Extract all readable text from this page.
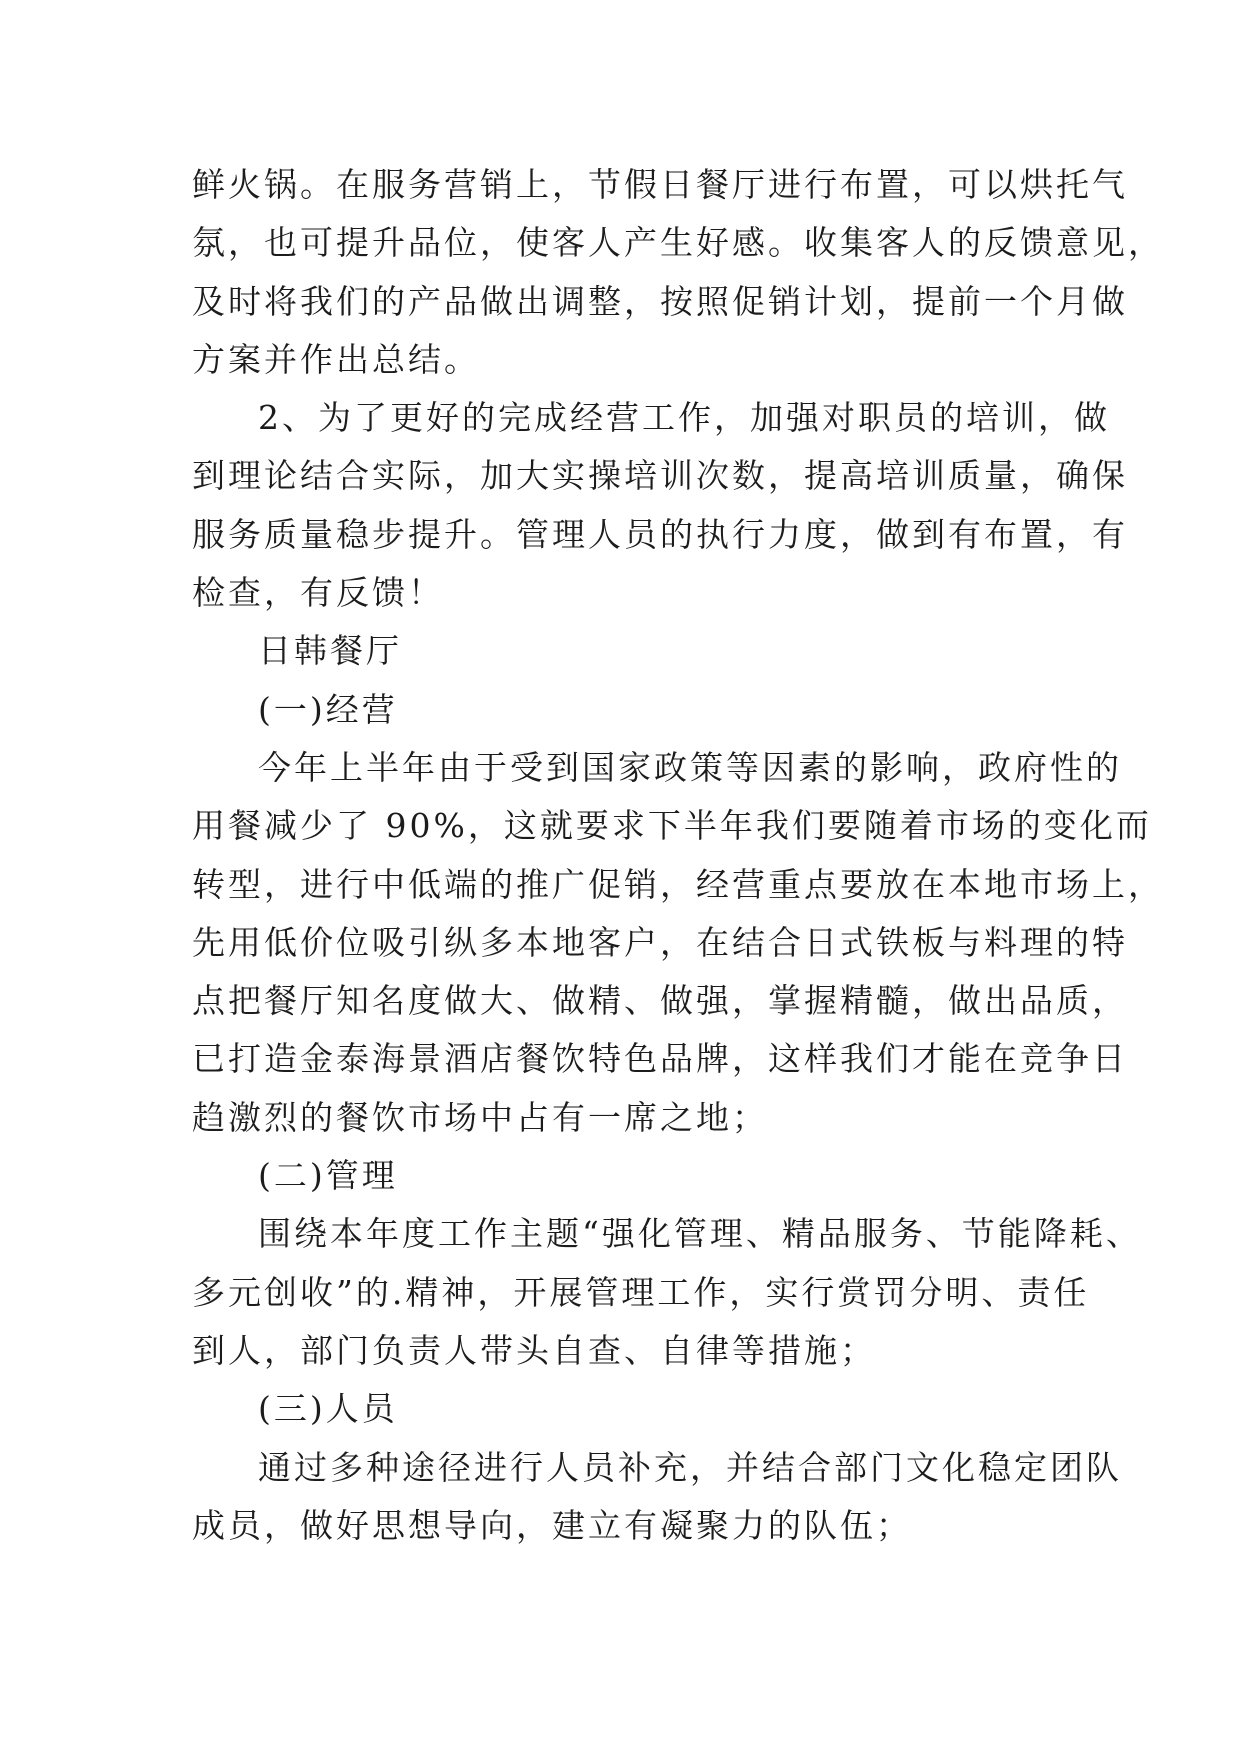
鲜火锅。在服务营销上，节假日餐厅进行布置，可以烘托气
氛，也可提升品位，使客人产生好感。收集客人的反馈意见，
及时将我们的产品做出调整，按照促销计划，提前一个月做
方案并作出总结。
2、为了更好的完成经营工作，加强对职员的培训，做
到理论结合实际，加大实操培训次数，提高培训质量，确保
服务质量稳步提升。管理人员的执行力度，做到有布置，有
检查，有反馈！
日韩餐厅
(一)经营
今年上半年由于受到国家政策等因素的影响，政府性的
用餐减少了 90%，这就要求下半年我们要随着市场的变化而
转型，进行中低端的推广促销，经营重点要放在本地市场上，
先用低价位吸引纵多本地客户，在结合日式铁板与料理的特
点把餐厅知名度做大、做精、做强，掌握精髓，做出品质，
已打造金泰海景酒店餐饮特色品牌，这样我们才能在竞争日
趋激烈的餐饮市场中占有一席之地；
(二)管理
围绕本年度工作主题“强化管理、精品服务、节能降耗、
多元创收”的.精神，开展管理工作，实行赏罚分明、责任
到人，部门负责人带头自查、自律等措施；
(三)人员
通过多种途径进行人员补充，并结合部门文化稳定团队
成员，做好思想导向，建立有凝聚力的队伍；
